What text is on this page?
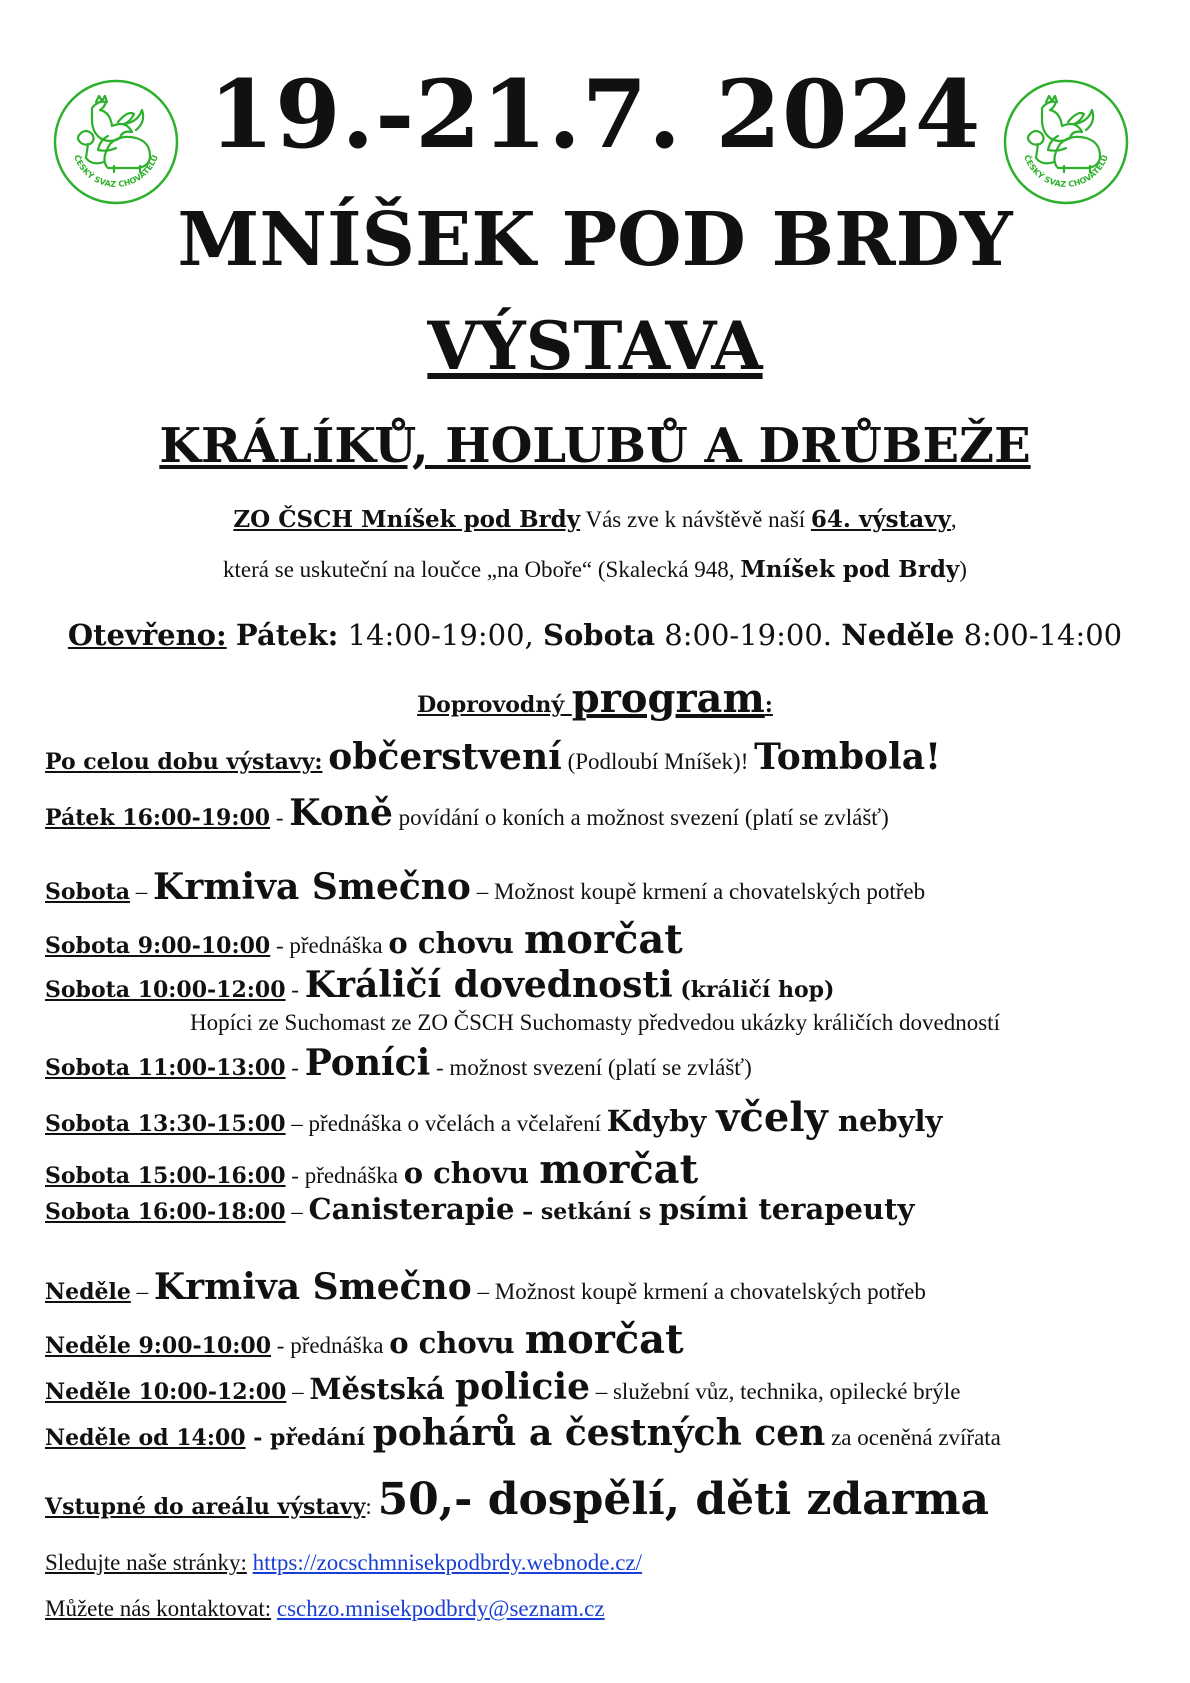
ČESKÝ SVAZ CHOVATELŮ	ČESKÝ SVAZ CHOVATELŮ
19.-21.7. 2024
MNÍŠEK POD BRDY
VÝSTAVA
KRÁLÍKŮ, HOLUBŮ A DRŮBEŽE
ZO ČSCH Mníšek pod Brdy Vás zve k návštěvě naší 64. výstavy,
která se uskuteční na loučce „na Oboře“ (Skalecká 948, Mníšek pod Brdy)
Otevřeno: Pátek: 14:00-19:00, Sobota 8:00-19:00. Neděle 8:00-14:00
Doprovodný program:
Po celou dobu výstavy: občerstvení (Podloubí Mníšek)! Tombola!
Pátek 16:00-19:00 - Koně povídání o koních a možnost svezení (platí se zvlášť)
Sobota – Krmiva Smečno – Možnost koupě krmení a chovatelských potřeb
Sobota 9:00-10:00 - přednáška o chovu morčat
Sobota 10:00-12:00 - Králičí dovednosti (králičí hop)
Hopíci ze Suchomast ze ZO ČSCH Suchomasty předvedou ukázky králičích dovedností
Sobota 11:00-13:00 - Poníci - možnost svezení (platí se zvlášť)
Sobota 13:30-15:00 – přednáška o včelách a včelaření Kdyby včely nebyly
Sobota 15:00-16:00 - přednáška o chovu morčat
Sobota 16:00-18:00 – Canisterapie – setkání s psími terapeuty
Neděle – Krmiva Smečno – Možnost koupě krmení a chovatelských potřeb
Neděle 9:00-10:00 - přednáška o chovu morčat
Neděle 10:00-12:00 – Městská policie – služební vůz, technika, opilecké brýle
Neděle od 14:00 - předání pohárů a čestných cen za oceněná zvířata
Vstupné do areálu výstavy: 50,- dospělí, děti zdarma
Sledujte naše stránky: https://zocschmnisekpodbrdy.webnode.cz/
Můžete nás kontaktovat: cschzo.mnisekpodbrdy@seznam.cz
